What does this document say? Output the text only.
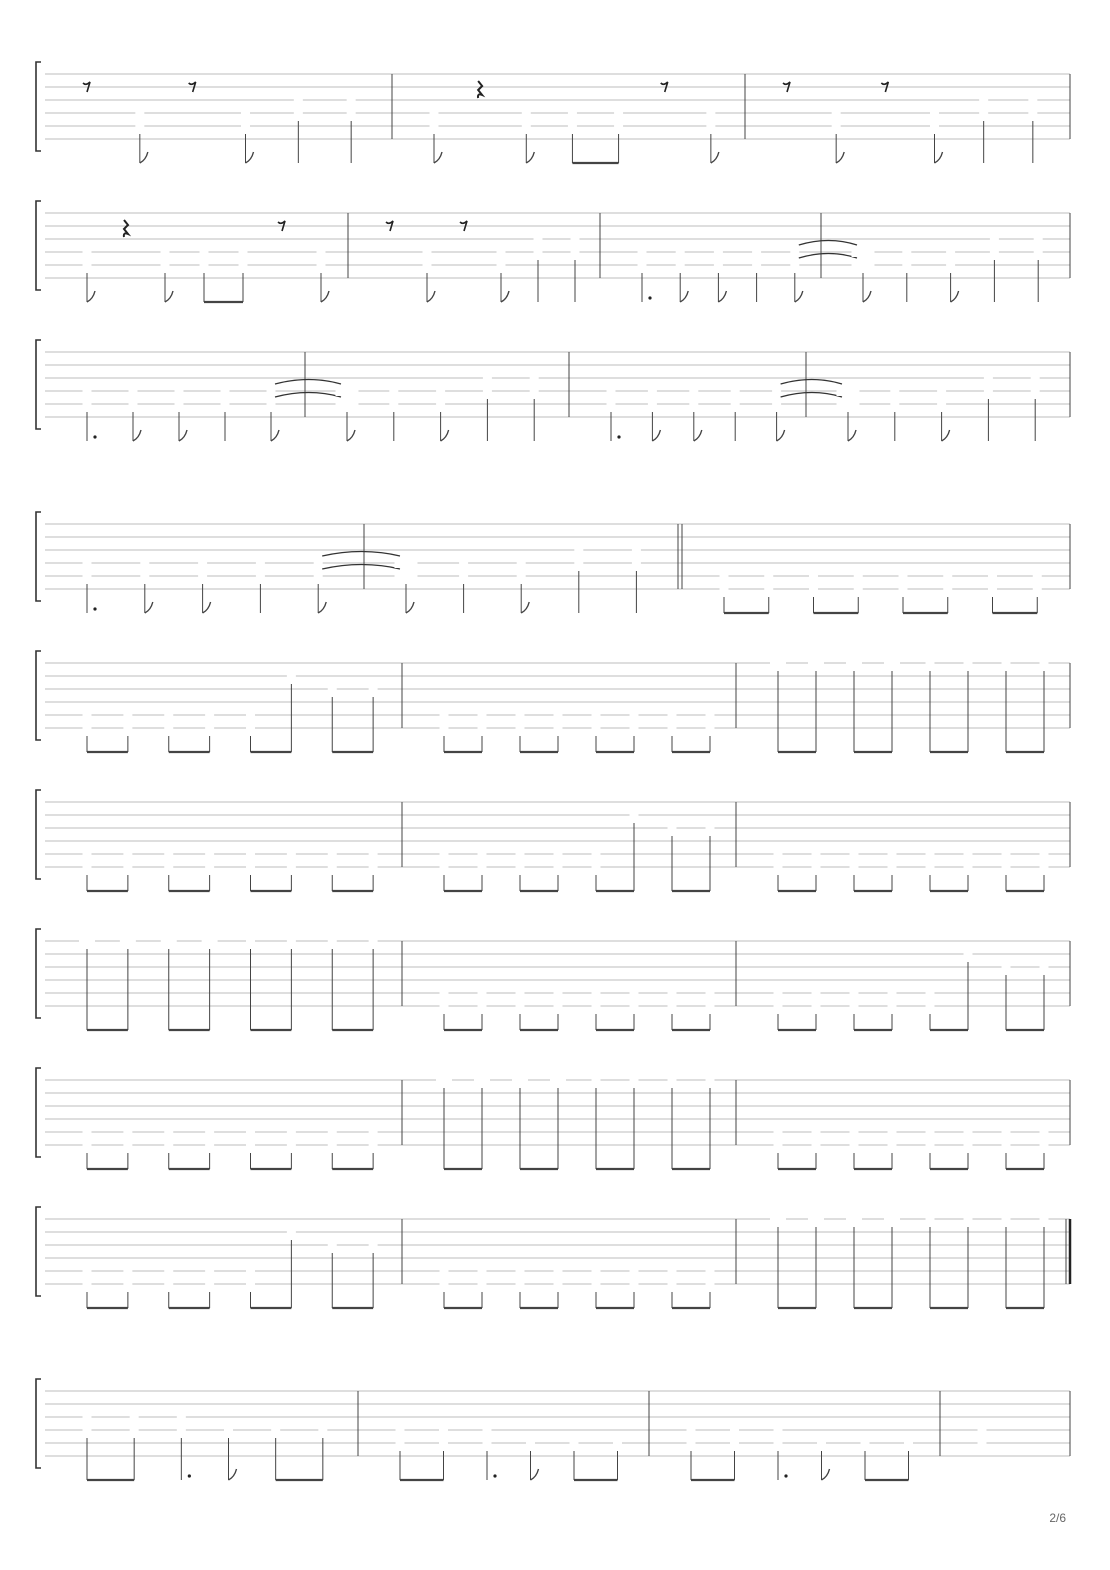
2/6
